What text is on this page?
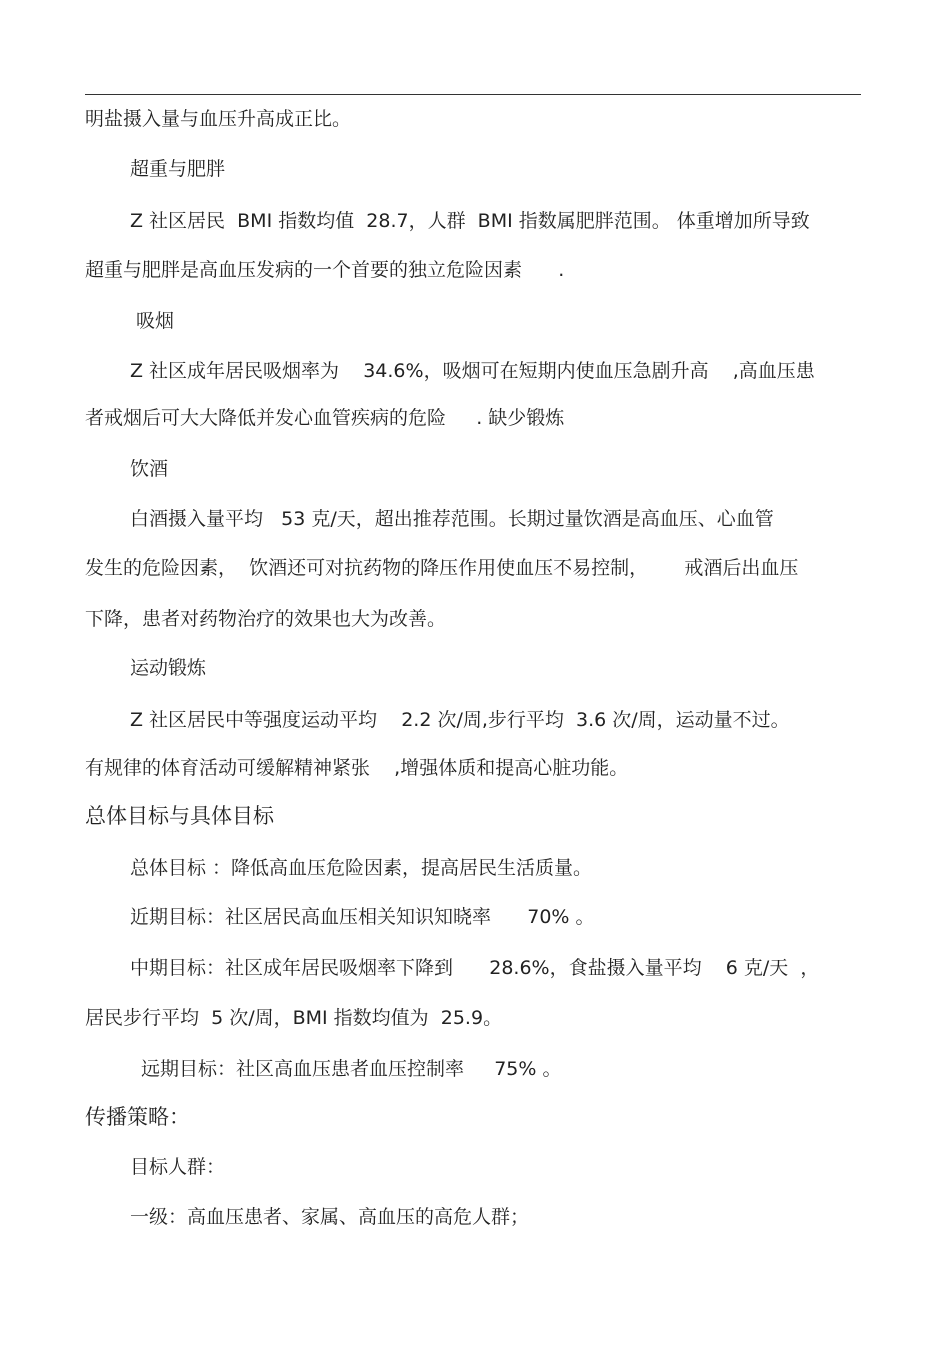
明盐摄入量与血压升高成正比。
超重与肥胖
Z 社区居民  BMI 指数均值  28.7，人群  BMI 指数属肥胖范围。 体重增加所导致
超重与肥胖是高血压发病的一个首要的独立危险因素      .
吸烟
Z 社区成年居民吸烟率为    34.6%，吸烟可在短期内使血压急剧升高    ,高血压患
者戒烟后可大大降低并发心血管疾病的危险     . 缺少锻炼
饮酒
白酒摄入量平均   53 克/天，超出推荐范围。长期过量饮酒是高血压、心血管
发生的危险因素，  饮酒还可对抗药物的降压作用使血压不易控制，      戒酒后出血压
下降，患者对药物治疗的效果也大为改善。
运动锻炼
Z 社区居民中等强度运动平均    2.2 次/周,步行平均  3.6 次/周，运动量不过。
有规律的体育活动可缓解精神紧张    ,增强体质和提高心脏功能。
总体目标与具体目标
总体目标 ：降低高血压危险因素，提高居民生活质量。
近期目标：社区居民高血压相关知识知晓率      70% 。
中期目标：社区成年居民吸烟率下降到      28.6%，食盐摄入量平均    6 克/天  ，
居民步行平均  5 次/周，BMI 指数均值为  25.9。
远期目标：社区高血压患者血压控制率     75% 。
传播策略：
目标人群：
一级：高血压患者、家属、高血压的高危人群；
